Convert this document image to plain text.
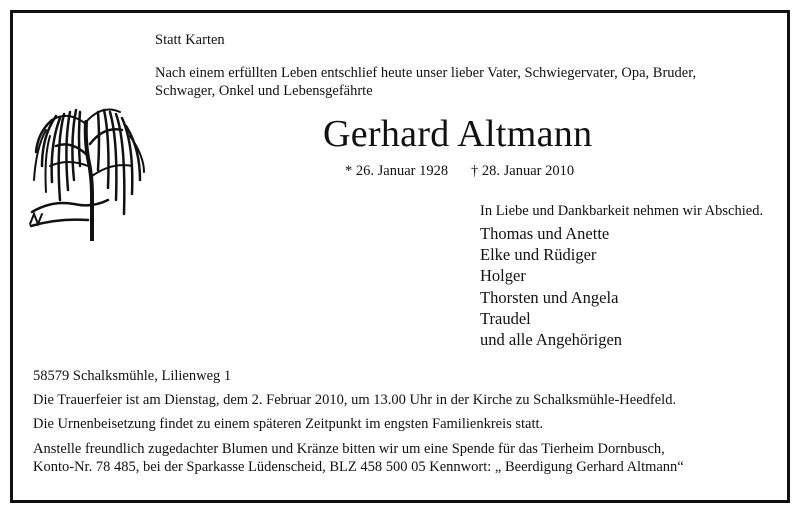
Statt Karten

Nach einem erfüllten Leben entschlief heute unser lieber Vater, Schwiegervater, Opa, Bruder,

Schwager, Onkel und Lebensgefährte

Gerhard Altmann

* 26. Januar 1928 † 28. Januar 2010

In Liebe und Dankbarkeit nehmen wir Abschied.

Thomas und Anette
Elke und Rüdiger
Holger
Thorsten und Angela
Traudel
und alle Angehörigen

58579 Schalksmühle, Lilienweg 1

Die Trauerfeier ist am Dienstag, dem 2. Februar 2010, um 13.00 Uhr in der Kirche zu Schalksmühle-Heedfeld.

Die Urnenbeisetzung findet zu einem späteren Zeitpunkt im engsten Familienkreis statt.

Anstelle freundlich zugedachter Blumen und Kränze bitten wir um eine Spende für das Tierheim Dornbusch,

Konto-Nr. 78 485, bei der Sparkasse Lüdenscheid, BLZ 458 500 05 Kennwort: „ Beerdigung Gerhard Altmann“
